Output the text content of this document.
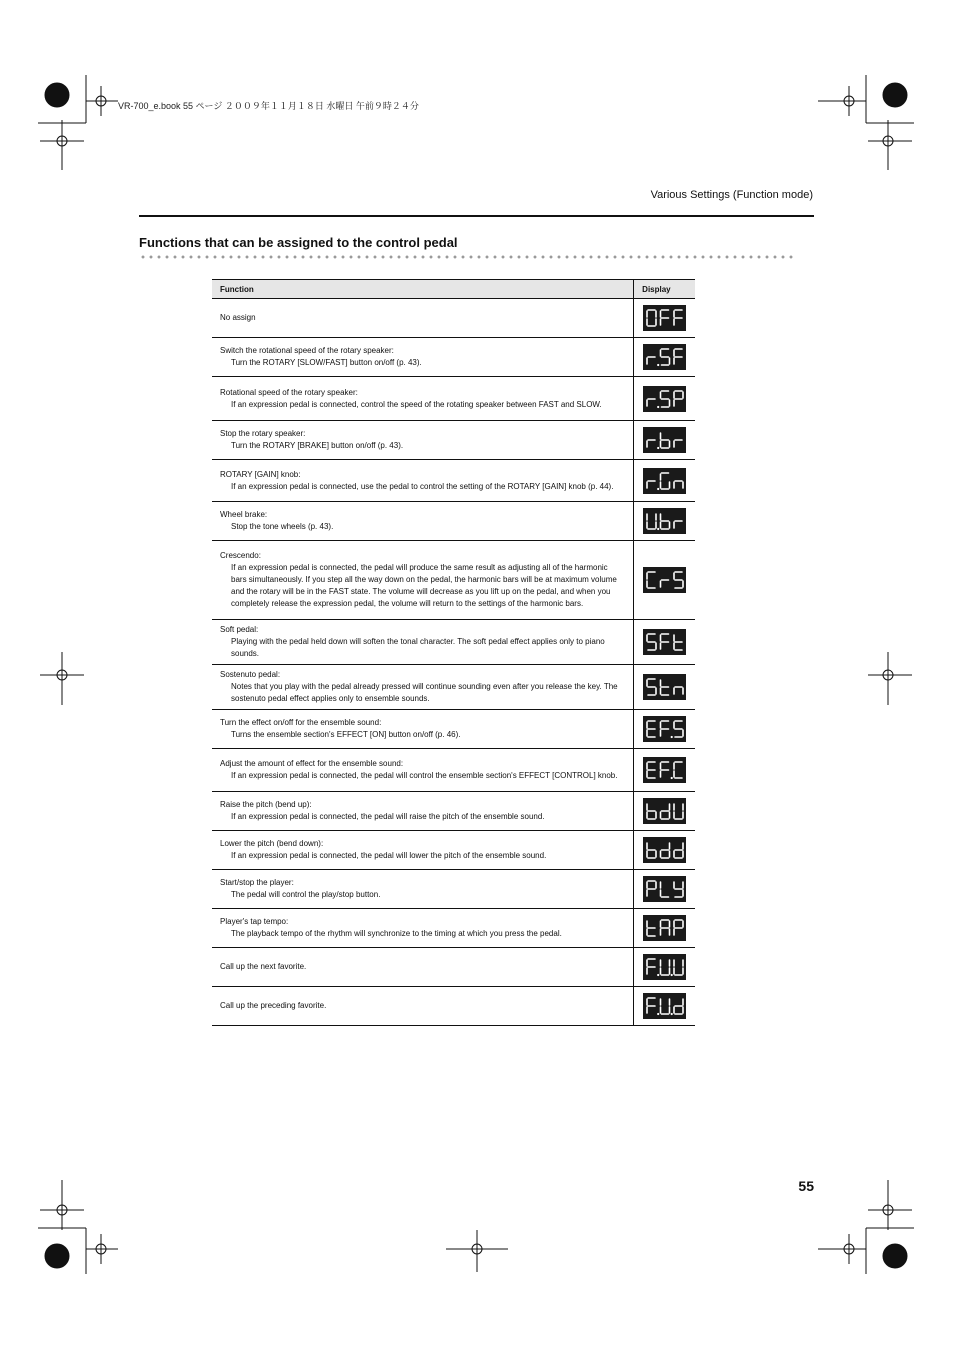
VR-700_e.book 55 ページ ２００９年１１月１８日 水曜日 午前９時２４分
Various Settings (Function mode)
Functions that can be assigned to the control pedal
Function	Display
No assign	

Switch the rotational speed of the rotary speaker:
Turn the ROTARY [SLOW/FAST] button on/off (p. 43).

Rotational speed of the rotary speaker:
If an expression pedal is connected, control the speed of the rotating speaker between FAST and SLOW.

Stop the rotary speaker:
Turn the ROTARY [BRAKE] button on/off (p. 43).

ROTARY [GAIN] knob:
If an expression pedal is connected, use the pedal to control the setting of the ROTARY [GAIN] knob (p. 44).

Wheel brake:
Stop the tone wheels (p. 43).

Crescendo:
If an expression pedal is connected, the pedal will produce the same result as adjusting all of the harmonic bars simultaneously. If you step all the way down on the pedal, the harmonic bars will be at maximum volume and the rotary will be in the FAST state. The volume will decrease as you lift up on the pedal, and when you completely release the expression pedal, the volume will return to the settings of the harmonic bars.

Soft pedal:
Playing with the pedal held down will soften the tonal character. The soft pedal effect applies only to piano sounds.

Sostenuto pedal:
Notes that you play with the pedal already pressed will continue sounding even after you release the key. The sostenuto pedal effect applies only to ensemble sounds.

Turn the effect on/off for the ensemble sound:
Turns the ensemble section's EFFECT [ON] button on/off (p. 46).

Adjust the amount of effect for the ensemble sound:
If an expression pedal is connected, the pedal will control the ensemble section's EFFECT [CONTROL] knob.

Raise the pitch (bend up):
If an expression pedal is connected, the pedal will raise the pitch of the ensemble sound.

Lower the pitch (bend down):
If an expression pedal is connected, the pedal will lower the pitch of the ensemble sound.

Start/stop the player:
The pedal will control the play/stop button.

Player's tap tempo:
The playback tempo of the rhythm will synchronize to the timing at which you press the pedal.

Call up the next favorite.	

Call up the preceding favorite.	
55
